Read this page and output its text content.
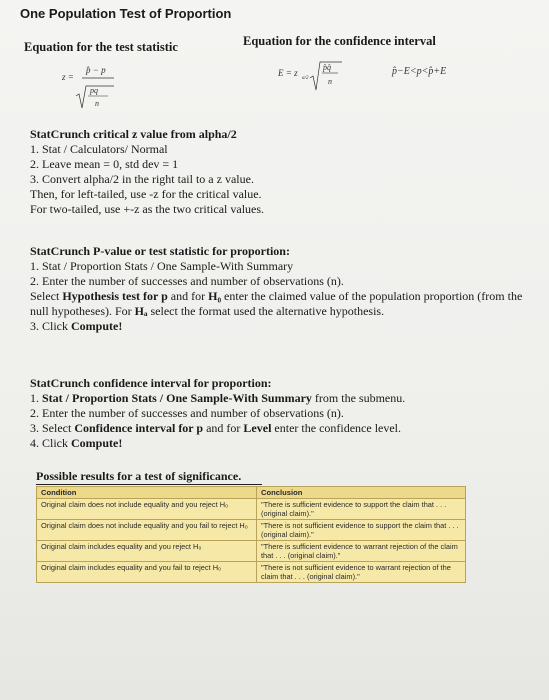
One Population Test of Proportion
Equation for the test statistic	Equation for the confidence interval
z =
p̂ − p
pq
n
E = z
α/2
p̂q̂
n
p̂−E<p<p̂+E

StatCrunch critical z value from alpha/2

1. Stat / Calculators/ Normal

2. Leave mean = 0, std dev = 1

3. Convert alpha/2 in the right tail to a z value.

Then, for left-tailed, use -z for the critical value.

For two-tailed, use +-z as the two critical values.

StatCrunch P-value or test statistic for proportion:

1. Stat / Proportion Stats / One Sample-With Summary

2. Enter the number of successes and number of observations (n).

Select Hypothesis test for p and for H₀ enter the claimed value of the population proportion (from the null hypotheses). For Hₐ select the format used the alternative hypothesis.

3. Click Compute!

StatCrunch confidence interval for proportion:

1. Stat / Proportion Stats / One Sample-With Summary from the submenu.

2. Enter the number of successes and number of observations (n).

3. Select Confidence interval for p and for Level enter the confidence level.

4. Click Compute!

Possible results for a test of significance.
Condition	Conclusion
Original claim does not include equality and you reject H₀	"There is sufficient evidence to support the claim that . . . (original claim)."
Original claim does not include equality and you fail to reject H₀	"There is not sufficient evidence to support the claim that . . . (original claim)."
Original claim includes equality and you reject H₀	"There is sufficient evidence to warrant rejection of the claim that . . . (original claim)."
Original claim includes equality and you fail to reject H₀	"There is not sufficient evidence to warrant rejection of the claim that . . . (original claim)."
